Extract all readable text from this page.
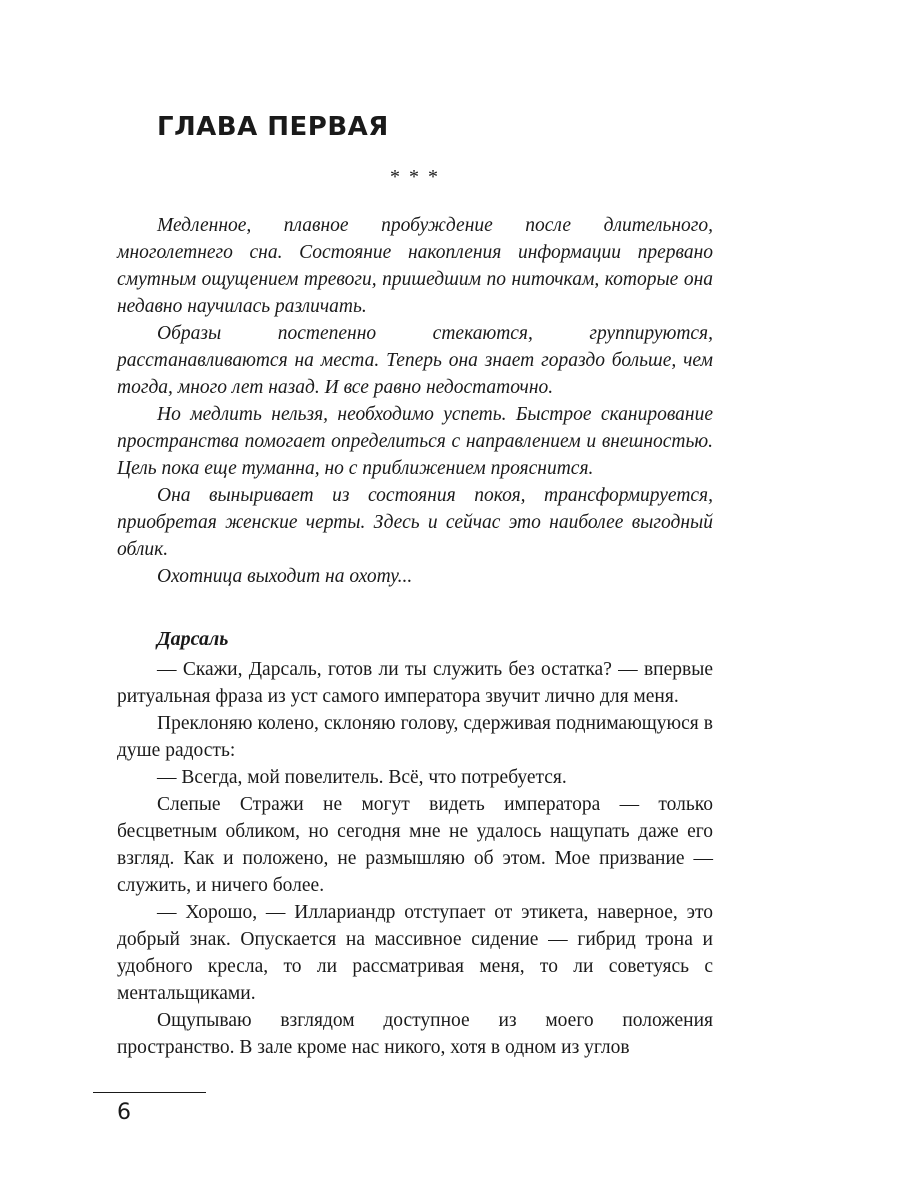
ГЛАВА ПЕРВАЯ
* * *

Медленное, плавное пробуждение после длительного, многолетнего сна. Состояние накопления информации прервано смутным ощущением тревоги, пришедшим по ниточкам, которые она недавно научилась различать.

Образы постепенно стекаются, группируются, расстанавливаются на места. Теперь она знает гораздо больше, чем тогда, много лет назад. И все равно недостаточно.

Но медлить нельзя, необходимо успеть. Быстрое сканирование пространства помогает определиться с направлением и внешностью. Цель пока еще туманна, но с приближением прояснится.

Она выныривает из состояния покоя, трансформируется, приобретая женские черты. Здесь и сейчас это наиболее выгодный облик.

Охотница выходит на охоту...

Дарсаль

— Скажи, Дарсаль, готов ли ты служить без остатка? — впервые ритуальная фраза из уст самого императора звучит лично для меня.

Преклоняю колено, склоняю голову, сдерживая поднимающуюся в душе радость:

— Всегда, мой повелитель. Всё, что потребуется.

Слепые Стражи не могут видеть императора — только бесцветным обликом, но сегодня мне не удалось нащупать даже его взгляд. Как и положено, не размышляю об этом. Мое призвание — служить, и ничего более.

— Хорошо, — Иллариандр отступает от этикета, наверное, это добрый знак. Опускается на массивное сидение — гибрид трона и удобного кресла, то ли рассматривая меня, то ли советуясь с ментальщиками.

Ощупываю взглядом доступное из моего положения пространство. В зале кроме нас никого, хотя в одном из углов

6
